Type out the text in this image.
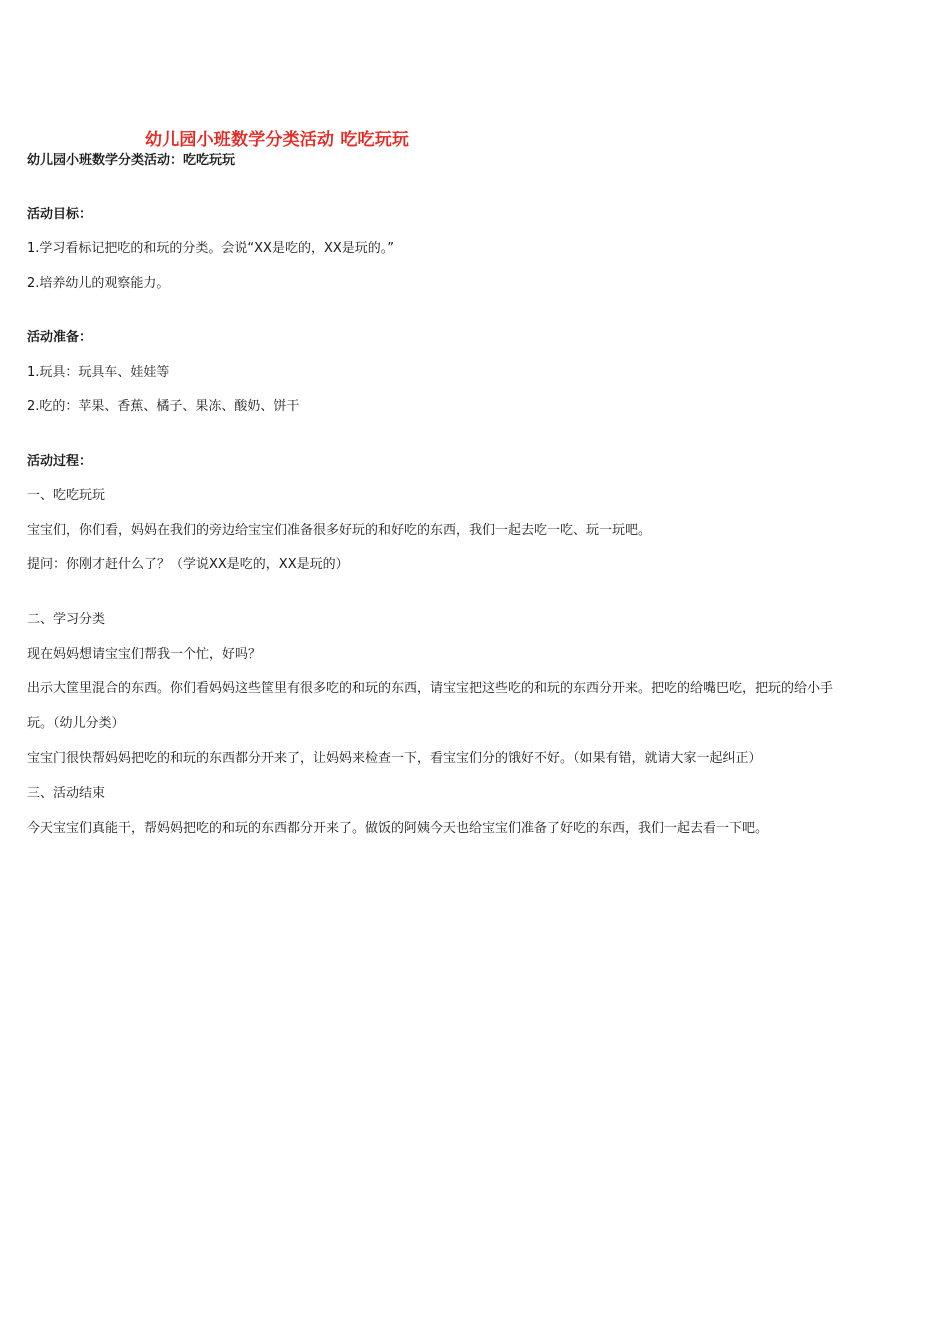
幼儿园小班数学分类活动 吃吃玩玩
幼儿园小班数学分类活动：吃吃玩玩
活动目标：
1.学习看标记把吃的和玩的分类。会说“XX是吃的，XX是玩的。”
2.培养幼儿的观察能力。
活动准备：
1.玩具：玩具车、娃娃等
2.吃的：苹果、香蕉、橘子、果冻、酸奶、饼干
活动过程：
一、吃吃玩玩
宝宝们，你们看，妈妈在我们的旁边给宝宝们准备很多好玩的和好吃的东西，我们一起去吃一吃、玩一玩吧。
提问：你刚才赶什么了？（学说XX是吃的，XX是玩的）
二、学习分类
现在妈妈想请宝宝们帮我一个忙，好吗？
出示大筐里混合的东西。你们看妈妈这些筐里有很多吃的和玩的东西，请宝宝把这些吃的和玩的东西分开来。把吃的给嘴巴吃，把玩的给小手
玩。（幼儿分类）
宝宝门很快帮妈妈把吃的和玩的东西都分开来了，让妈妈来检查一下，看宝宝们分的饿好不好。（如果有错，就请大家一起纠正）
三、活动结束
今天宝宝们真能干，帮妈妈把吃的和玩的东西都分开来了。做饭的阿姨今天也给宝宝们准备了好吃的东西，我们一起去看一下吧。
